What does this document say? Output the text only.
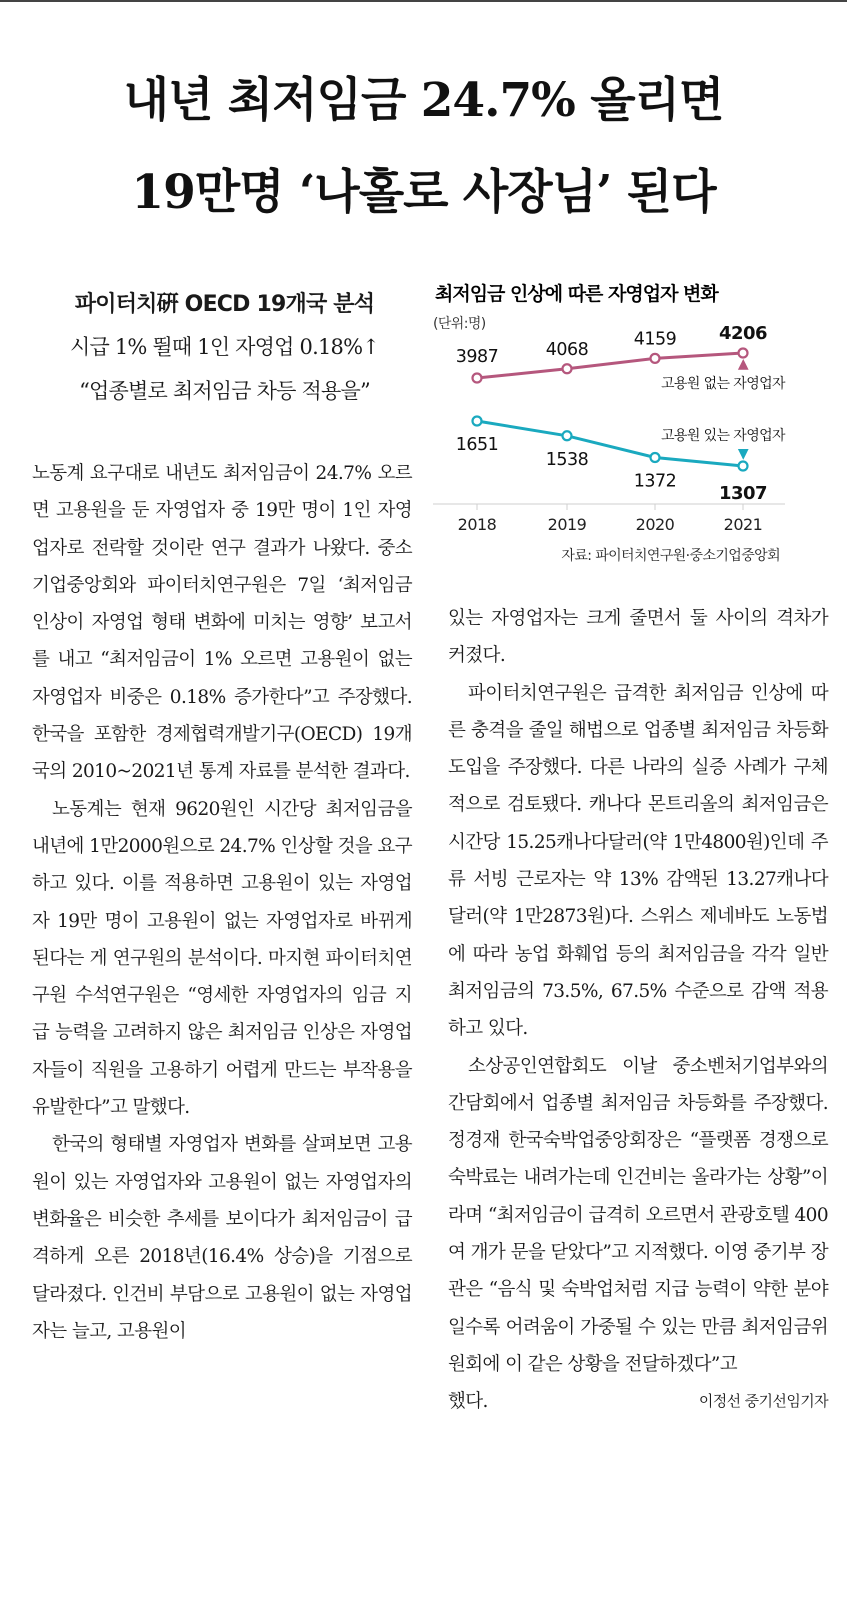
내년 최저임금 24.7% 올리면
19만명 ‘나홀로 사장님’ 된다
파이터치硏 OECD 19개국 분석
시급 1% 뛸때 1인 자영업 0.18%↑
“업종별로 최저임금 차등 적용을”

노동계 요구대로 내년도 최저임금이 24.7% 오르면 고용원을 둔 자영업자 중 19만 명이 1인 자영업자로 전락할 것이란 연구 결과가 나왔다. 중소기업중앙회와 파이터치연구원은 7일 ‘최저임금 인상이 자영업 형태 변화에 미치는 영향’ 보고서를 내고 “최저임금이 1% 오르면 고용원이 없는 자영업자 비중은 0.18% 증가한다”고 주장했다. 한국을 포함한 경제협력개발기구(OECD) 19개국의 2010~2021년 통계 자료를 분석한 결과다.

노동계는 현재 9620원인 시간당 최저임금을 내년에 1만2000원으로 24.7% 인상할 것을 요구하고 있다. 이를 적용하면 고용원이 있는 자영업자 19만 명이 고용원이 없는 자영업자로 바뀌게 된다는 게 연구원의 분석이다. 마지현 파이터치연구원 수석연구원은 “영세한 자영업자의 임금 지급 능력을 고려하지 않은 최저임금 인상은 자영업자들이 직원을 고용하기 어렵게 만드는 부작용을 유발한다”고 말했다.

한국의 형태별 자영업자 변화를 살펴보면 고용원이 있는 자영업자와 고용원이 없는 자영업자의 변화율은 비슷한 추세를 보이다가 최저임금이 급격하게 오른 2018년(16.4% 상승)을 기점으로 달라졌다. 인건비 부담으로 고용원이 없는 자영업자는 늘고, 고용원이

최저임금 인상에 따른 자영업자 변화
(단위:명)
자료: 파이터치연구원·중소기업중앙회
2018	2019	2020	2021
3987	4068
4159 4206
고용원 없는 자영업자
▲
1651
1538
1372
1307
고용원 있는 자영업자
▼

있는 자영업자는 크게 줄면서 둘 사이의 격차가 커졌다.

파이터치연구원은 급격한 최저임금 인상에 따른 충격을 줄일 해법으로 업종별 최저임금 차등화 도입을 주장했다. 다른 나라의 실증 사례가 구체적으로 검토됐다. 캐나다 몬트리올의 최저임금은 시간당 15.25캐나다달러(약 1만4800원)인데 주류 서빙 근로자는 약 13% 감액된 13.27캐나다달러(약 1만2873원)다. 스위스 제네바도 노동법에 따라 농업 화훼업 등의 최저임금을 각각 일반 최저임금의 73.5%, 67.5% 수준으로 감액 적용하고 있다.

소상공인연합회도 이날 중소벤처기업부와의 간담회에서 업종별 최저임금 차등화를 주장했다. 정경재 한국숙박업중앙회장은 “플랫폼 경쟁으로 숙박료는 내려가는데 인건비는 올라가는 상황”이라며 “최저임금이 급격히 오르면서 관광호텔 400여 개가 문을 닫았다”고 지적했다. 이영 중기부 장관은 “음식 및 숙박업처럼 지급 능력이 약한 분야일수록 어려움이 가중될 수 있는 만큼 최저임금위원회에 이 같은 상황을 전달하겠다”고

했다.	이정선 중기선임기자
